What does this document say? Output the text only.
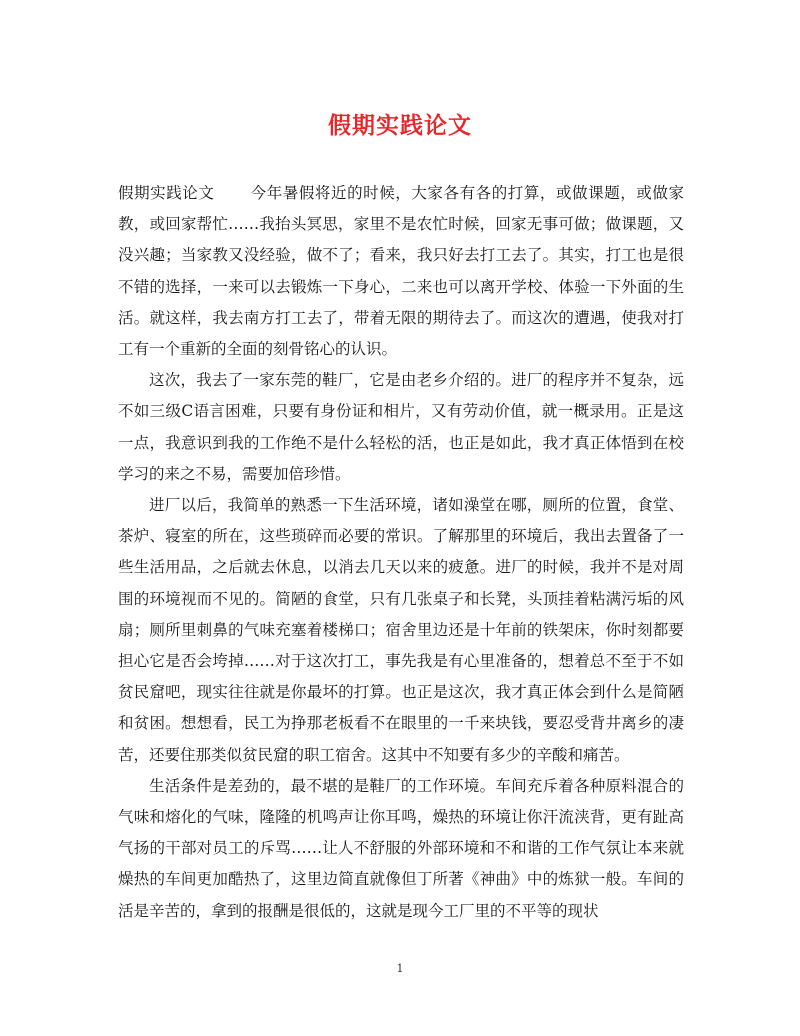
假期实践论文

假期实践论文 今年暑假将近的时候，大家各有各的打算，或做课题，或做家教，或回家帮忙……我抬头冥思，家里不是农忙时候，回家无事可做；做课题，又没兴趣；当家教又没经验，做不了；看来，我只好去打工去了。其实，打工也是很不错的选择，一来可以去锻炼一下身心，二来也可以离开学校、体验一下外面的生活。就这样，我去南方打工去了，带着无限的期待去了。而这次的遭遇，使我对打工有一个重新的全面的刻骨铭心的认识。

这次，我去了一家东莞的鞋厂，它是由老乡介绍的。进厂的程序并不复杂，远不如三级C语言困难，只要有身份证和相片，又有劳动价值，就一概录用。正是这一点，我意识到我的工作绝不是什么轻松的活，也正是如此，我才真正体悟到在校学习的来之不易，需要加倍珍惜。

进厂以后，我简单的熟悉一下生活环境，诸如澡堂在哪，厕所的位置，食堂、茶炉、寝室的所在，这些琐碎而必要的常识。了解那里的环境后，我出去置备了一些生活用品，之后就去休息，以消去几天以来的疲惫。进厂的时候，我并不是对周围的环境视而不见的。简陋的食堂，只有几张桌子和长凳，头顶挂着粘满污垢的风扇；厕所里刺鼻的气味充塞着楼梯口；宿舍里边还是十年前的铁架床，你时刻都要担心它是否会垮掉……对于这次打工，事先我是有心里准备的，想着总不至于不如贫民窟吧，现实往往就是你最坏的打算。也正是这次，我才真正体会到什么是简陋和贫困。想想看，民工为挣那老板看不在眼里的一千来块钱，要忍受背井离乡的凄苦，还要住那类似贫民窟的职工宿舍。这其中不知要有多少的辛酸和痛苦。

生活条件是差劲的，最不堪的是鞋厂的工作环境。车间充斥着各种原料混合的气味和熔化的气味，隆隆的机鸣声让你耳鸣，燥热的环境让你汗流浃背，更有趾高气扬的干部对员工的斥骂……让人不舒服的外部环境和不和谐的工作气氛让本来就燥热的车间更加酷热了，这里边简直就像但丁所著《神曲》中的炼狱一般。车间的活是辛苦的，拿到的报酬是很低的，这就是现今工厂里的不平等的现状

1
